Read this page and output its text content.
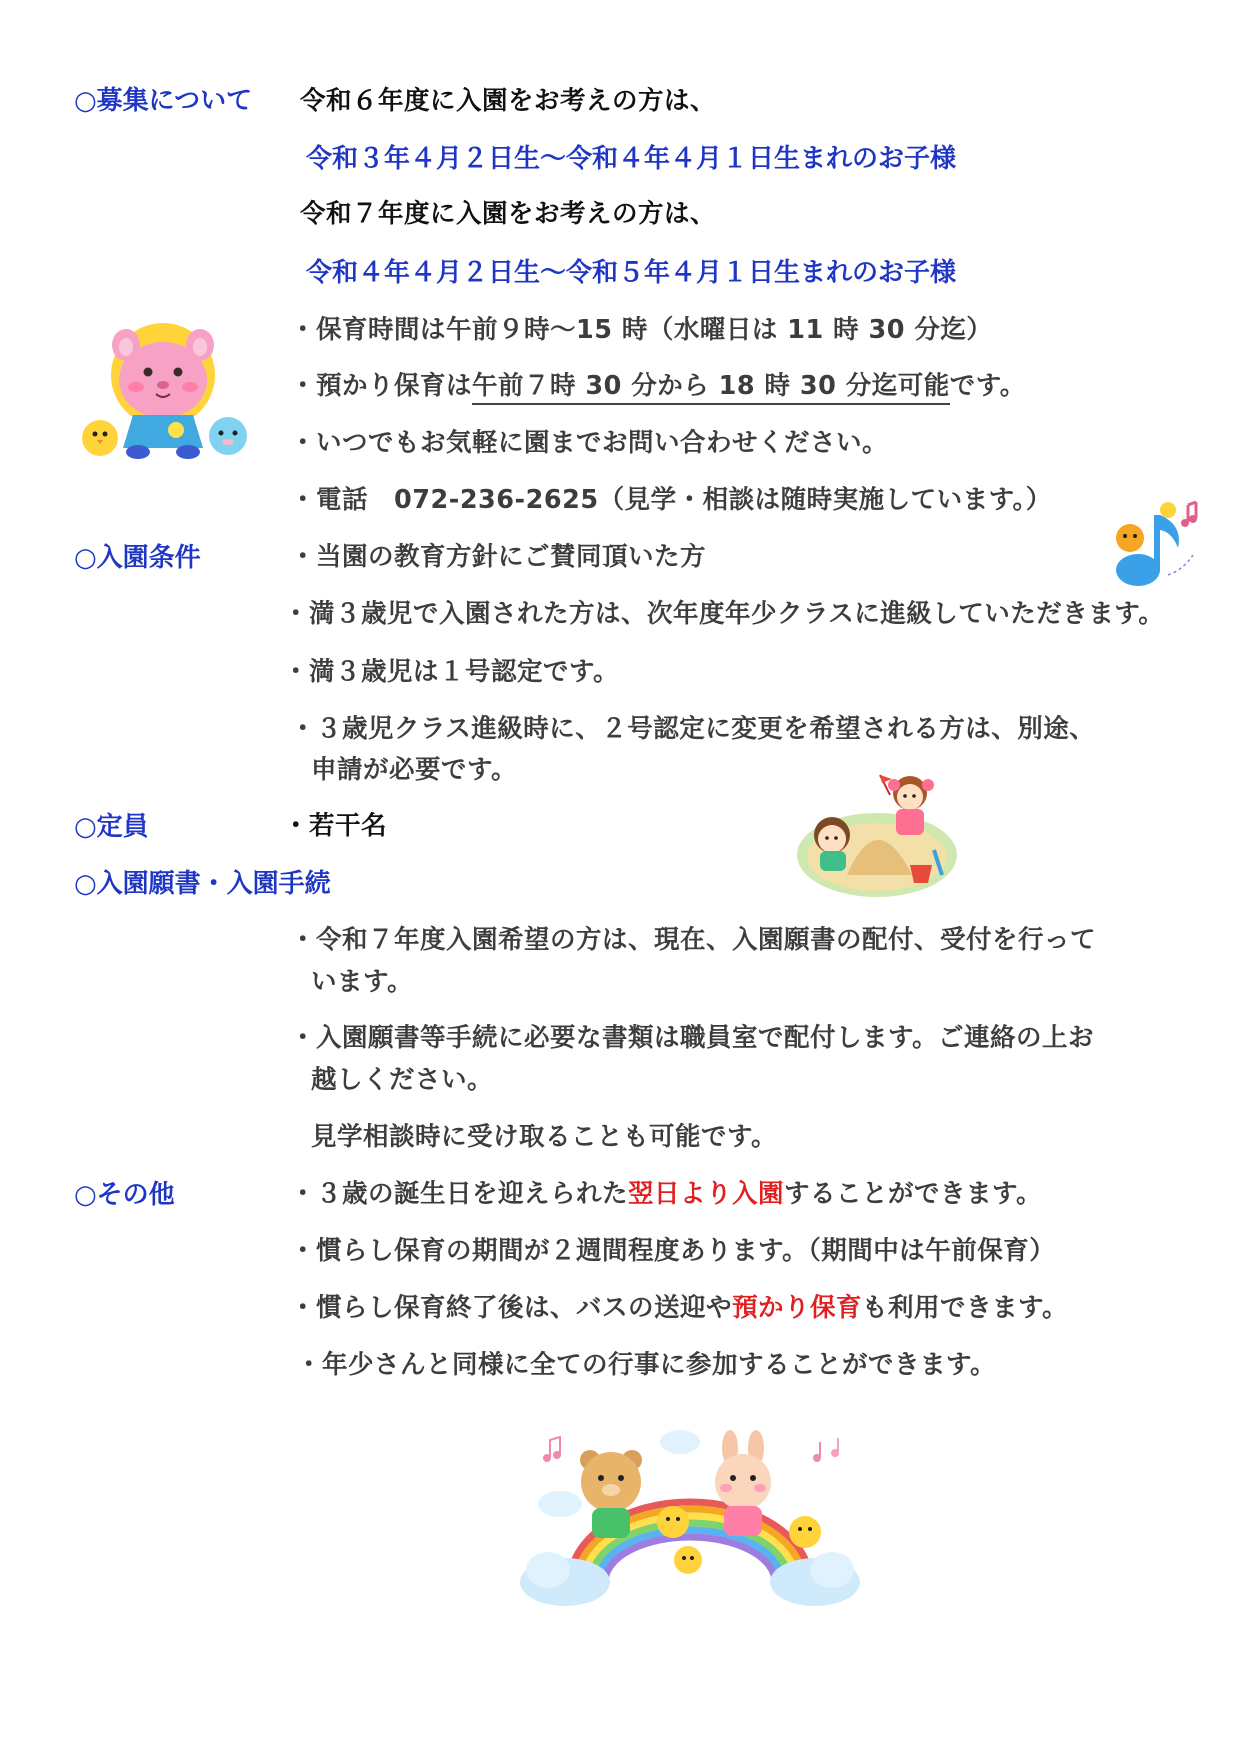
○募集について 令和６年度に入園をお考えの方は、
令和３年４月２日生～令和４年４月１日生まれのお子様
令和７年度に入園をお考えの方は、
令和４年４月２日生～令和５年４月１日生まれのお子様
・保育時間は午前９時～15 時（水曜日は 11 時 30 分迄）
・預かり保育は午前７時 30 分から 18 時 30 分迄可能です。
・いつでもお気軽に園までお問い合わせください。
・電話　072-236-2625（見学・相談は随時実施しています。）
○入園条件	・当園の教育方針にご賛同頂いた方
・満３歳児で入園された方は、次年度年少クラスに進級していただきます。
・満３歳児は１号認定です。
・３歳児クラス進級時に、２号認定に変更を希望される方は、別途、
申請が必要です。
○定員	・若干名
○入園願書・入園手続
・令和７年度入園希望の方は、現在、入園願書の配付、受付を行って
います。
・入園願書等手続に必要な書類は職員室で配付します。ご連絡の上お
越しください。
見学相談時に受け取ることも可能です。
○その他	・３歳の誕生日を迎えられた翌日より入園することができます。
・慣らし保育の期間が２週間程度あります。（期間中は午前保育）
・慣らし保育終了後は、バスの送迎や預かり保育も利用できます。
・年少さんと同様に全ての行事に参加することができます。
